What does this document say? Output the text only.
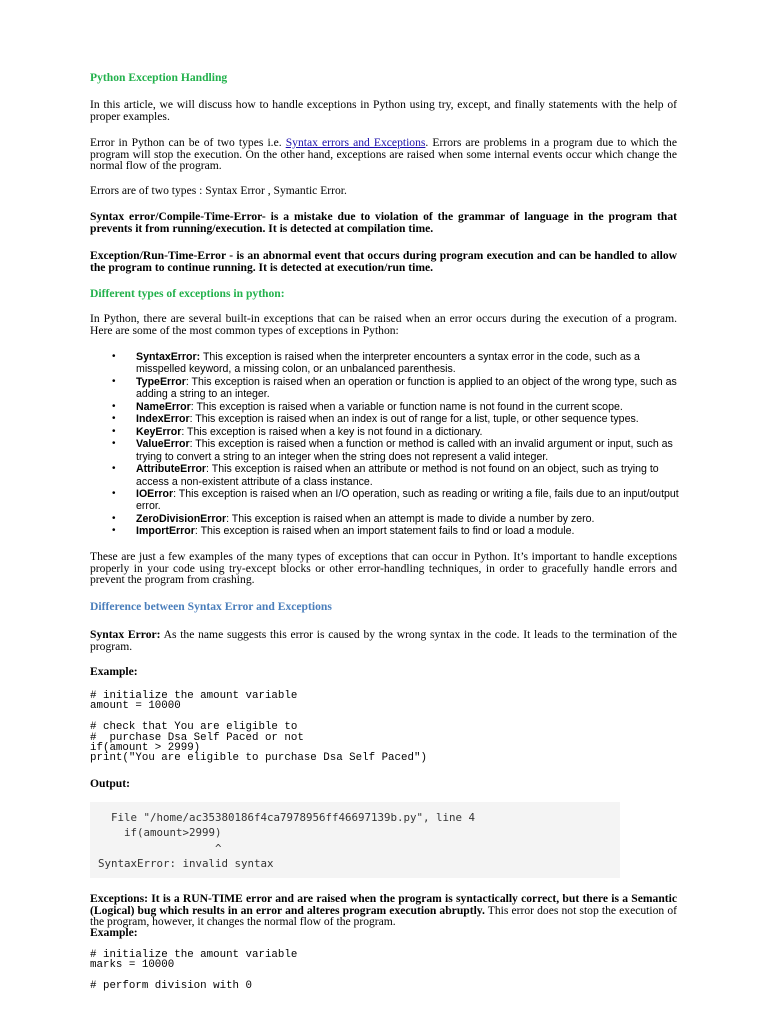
Python Exception Handling
In this article, we will discuss how to handle exceptions in Python using try, except, and finally statements with the help of proper examples.
Error in Python can be of two types i.e. Syntax errors and Exceptions. Errors are problems in a program due to which the program will stop the execution. On the other hand, exceptions are raised when some internal events occur which change the normal flow of the program.
Errors are of two types : Syntax Error , Symantic Error.
Syntax error/Compile-Time-Error- is a mistake due to violation of the grammar of language in the program that prevents it from running/execution. It is detected at compilation time.
Exception/Run-Time-Error - is an abnormal event that occurs during program execution and can be handled to allow the program to continue running. It is detected at execution/run time.
Different types of exceptions in python:
In Python, there are several built-in exceptions that can be raised when an error occurs during the execution of a program. Here are some of the most common types of exceptions in Python:
• SyntaxError: This exception is raised when the interpreter encounters a syntax error in the code, such as a misspelled keyword, a missing colon, or an unbalanced parenthesis.
• TypeError: This exception is raised when an operation or function is applied to an object of the wrong type, such as adding a string to an integer.
• NameError: This exception is raised when a variable or function name is not found in the current scope.
• IndexError: This exception is raised when an index is out of range for a list, tuple, or other sequence types.
• KeyError: This exception is raised when a key is not found in a dictionary.
• ValueError: This exception is raised when a function or method is called with an invalid argument or input, such as trying to convert a string to an integer when the string does not represent a valid integer.
• AttributeError: This exception is raised when an attribute or method is not found on an object, such as trying to access a non-existent attribute of a class instance.
• IOError: This exception is raised when an I/O operation, such as reading or writing a file, fails due to an input/output error.
• ZeroDivisionError: This exception is raised when an attempt is made to divide a number by zero.
• ImportError: This exception is raised when an import statement fails to find or load a module.
These are just a few examples of the many types of exceptions that can occur in Python. It’s important to handle exceptions properly in your code using try-except blocks or other error-handling techniques, in order to gracefully handle errors and prevent the program from crashing.
Difference between Syntax Error and Exceptions
Syntax Error: As the name suggests this error is caused by the wrong syntax in the code. It leads to the termination of the program.
Example:
# initialize the amount variable
amount = 10000

# check that You are eligible to
#  purchase Dsa Self Paced or not
if(amount > 2999)
print("You are eligible to purchase Dsa Self Paced")
Output:
File "/home/ac35380186f4ca7978956ff46697139b.py", line 4
if(amount>2999)
^
SyntaxError: invalid syntax
Exceptions: It is a RUN-TIME error and are raised when the program is syntactically correct, but there is a Semantic (Logical) bug which results in an error and alteres program execution abruptly. This error does not stop the execution of the program, however, it changes the normal flow of the program.
Example:
# initialize the amount variable
marks = 10000

# perform division with 0
